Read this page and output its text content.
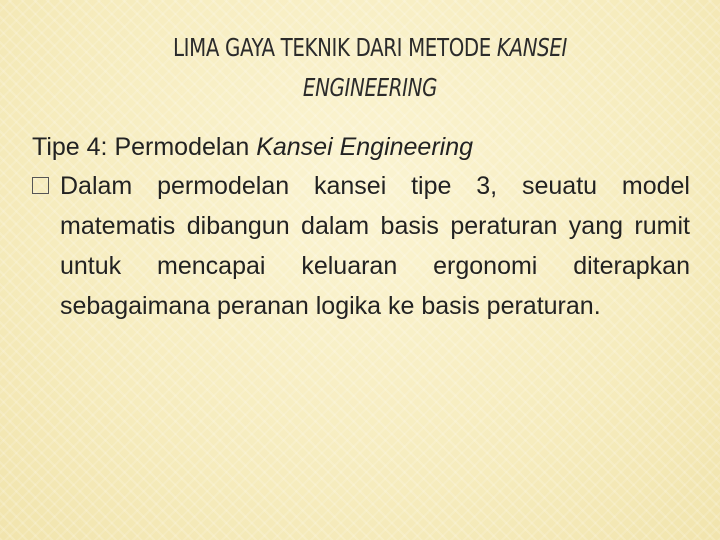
LIMA GAYA TEKNIK DARI METODE KANSEI
ENGINEERING

Tipe 4: Permodelan Kansei Engineering

Dalam permodelan kansei tipe 3, seuatu model matematis dibangun dalam basis peraturan yang rumit untuk mencapai keluaran ergonomi diterapkan sebagaimana peranan logika ke basis peraturan.
